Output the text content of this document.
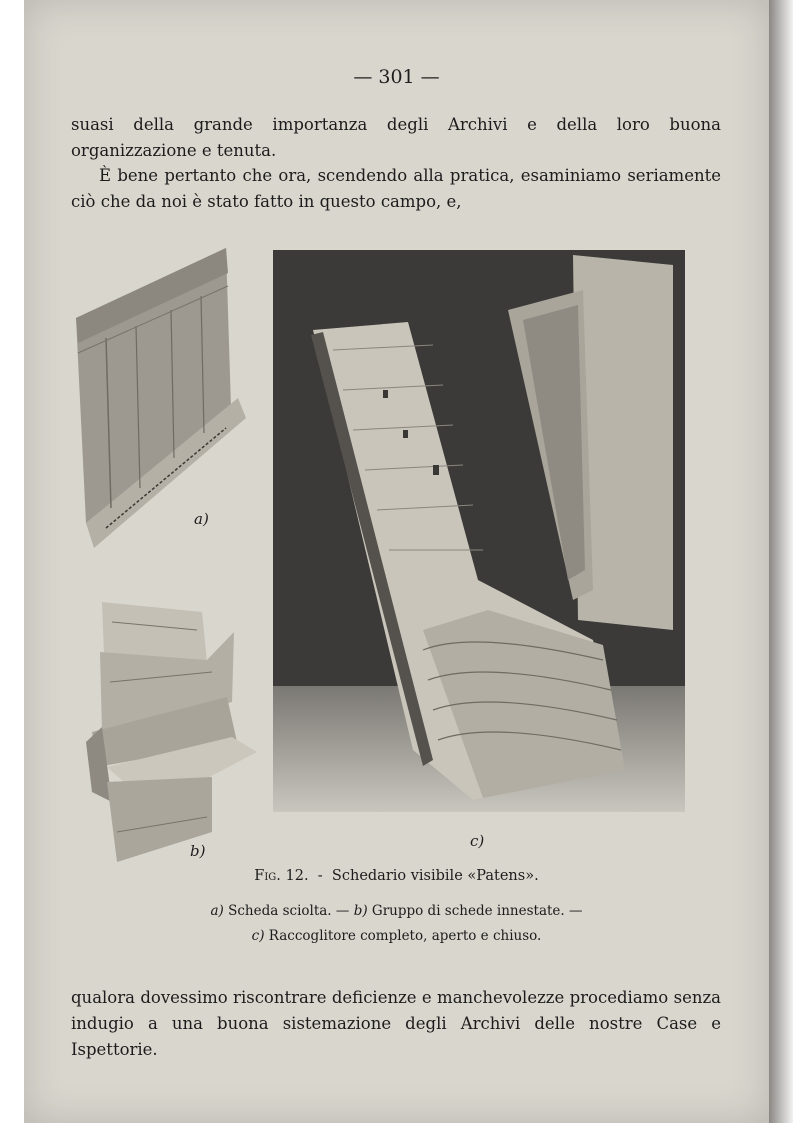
— 301 —

suasi della grande importanza degli Archivi e della loro buona organizzazione e tenuta.

È bene pertanto che ora, scendendo alla pratica, esaminiamo seriamente ciò che da noi è stato fatto in questo campo, e,

a)
b)
c)
Fig. 12.  -  Schedario visibile «Patens».
a) Scheda sciolta. — b) Gruppo di schede innestate. —
c) Raccoglitore completo, aperto e chiuso.

qualora dovessimo riscontrare deficienze e manchevolezze procediamo senza indugio a una buona sistemazione degli Archivi delle nostre Case e Ispettorie.
